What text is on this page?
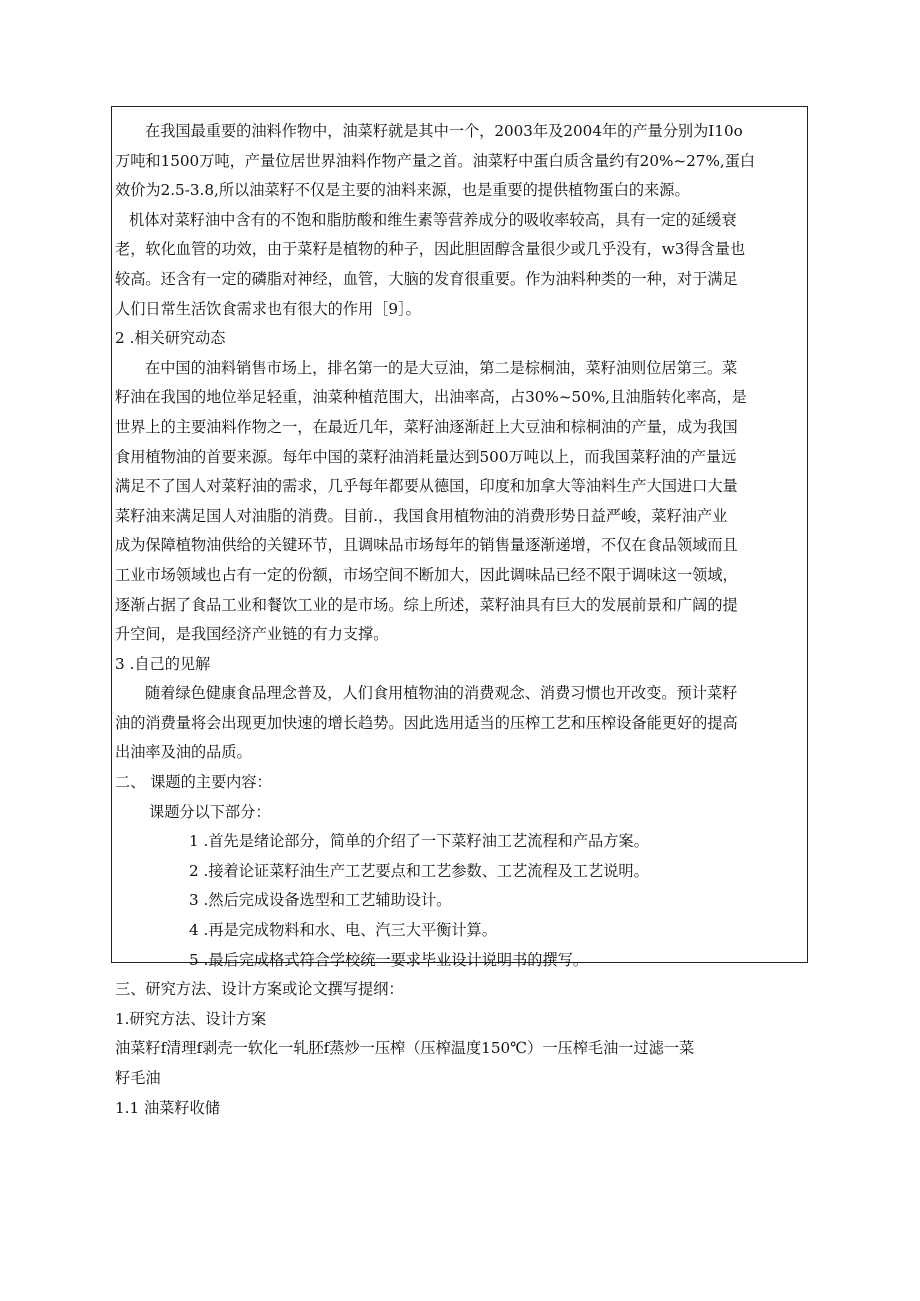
在我国最重要的油料作物中，油菜籽就是其中一个，2003年及2004年的产量分别为I10o
万吨和1500万吨，产量位居世界油料作物产量之首。油菜籽中蛋白质含量约有20%~27%,蛋白
效价为2.5-3.8,所以油菜籽不仅是主要的油料来源，也是重要的提供植物蛋白的来源。
机体对菜籽油中含有的不饱和脂肪酸和维生素等营养成分的吸收率较高，具有一定的延缓衰
老，软化血管的功效，由于菜籽是植物的种子，因此胆固醇含量很少或几乎没有，w3得含量也
较高。还含有一定的磷脂对神经，血管，大脑的发育很重要。作为油料种类的一种，对于满足
人们日常生活饮食需求也有很大的作用［9］。
2 .相关研究动态
在中国的油料销售市场上，排名第一的是大豆油，第二是棕桐油，菜籽油则位居第三。菜
籽油在我国的地位举足轻重，油菜种植范围大，出油率高，占30%~50%,且油脂转化率高，是
世界上的主要油料作物之一，在最近几年，菜籽油逐渐赶上大豆油和棕桐油的产量，成为我国
食用植物油的首要来源。每年中国的菜籽油消耗量达到500万吨以上，而我国菜籽油的产量远
满足不了国人对菜籽油的需求，几乎每年都要从德国，印度和加拿大等油料生产大国进口大量
菜籽油来满足国人对油脂的消费。目前.，我国食用植物油的消费形势日益严峻，菜籽油产业
成为保障植物油供给的关键环节，且调味品市场每年的销售量逐渐递增，不仅在食品领域而且
工业市场领域也占有一定的份额，市场空间不断加大，因此调味品已经不限于调味这一领域，
逐渐占据了食品工业和餐饮工业的是市场。综上所述，菜籽油具有巨大的发展前景和广阔的提
升空间，是我国经济产业链的有力支撑。
3 .自己的见解
随着绿色健康食品理念普及，人们食用植物油的消费观念、消费习惯也开改变。预计菜籽
油的消费量将会出现更加快速的增长趋势。因此选用适当的压榨工艺和压榨设备能更好的提高
出油率及油的品质。
二、 课题的主要内容：
课题分以下部分：
1 .首先是绪论部分，简单的介绍了一下菜籽油工艺流程和产品方案。
2 .接着论证菜籽油生产工艺要点和工艺参数、工艺流程及工艺说明。
3 .然后完成设备选型和工艺辅助设计。
4 .再是完成物料和水、电、汽三大平衡计算。
5 .最后完成格式符合学校统一要求毕业设计说明书的撰写。
三、研究方法、设计方案或论文撰写提纲：
1.研究方法、设计方案
油菜籽f清理f剥壳一软化一轧胚f蒸炒一压榨（压榨温度150℃）一压榨毛油一过滤一菜
籽毛油
1.1 油菜籽收储
